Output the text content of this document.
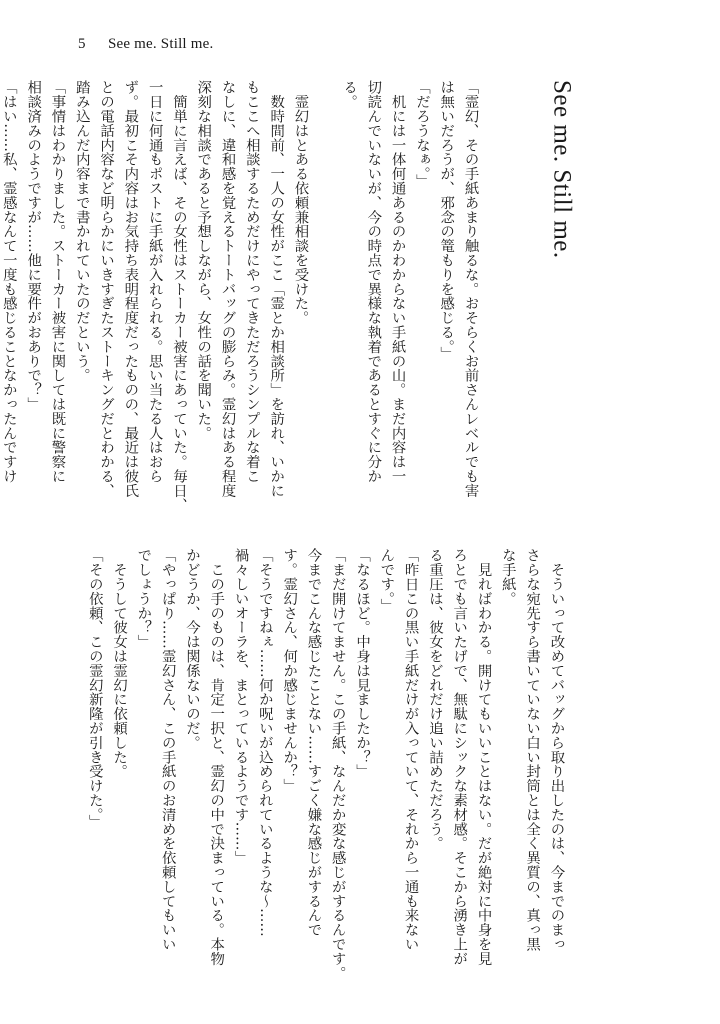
5 See me. Still me.

See me. Still me.

「霊幻、その手紙あまり触るな。おそらくお前さんレベルでも害
は無いだろうが、邪念の篭もりを感じる。」
「だろうなぁ。」
　机には一体何通あるのかわからない手紙の山。まだ内容は一
切読んでいないが、今の時点で異様な執着であるとすぐに分か
る。

　霊幻はとある依頼兼相談を受けた。
　数時間前、一人の女性がここ「霊とか相談所」を訪れ、いかに
もここへ相談するためだけにやってきただろうシンプルな着こ
なしに、違和感を覚えるトートバッグの膨らみ。霊幻はある程度
深刻な相談であると予想しながら、女性の話を聞いた。
　簡単に言えば、その女性はストーカー被害にあっていた。毎日、
一日に何通もポストに手紙が入れられる。思い当たる人はおら
ず。最初こそ内容はお気持ち表明程度だったものの、最近は彼氏
との電話内容など明らかにいきすぎたストーキングだとわかる、
踏み込んだ内容まで書かれていたのだという。
「事情はわかりました。ストーカー被害に関しては既に警察に
相談済みのようですが……他に要件がおありで？」
「はい……私、霊感なんて一度も感じることなかったんですけ

　そういって改めてバッグから取り出したのは、今までのまっ
さらな宛先すら書いていない白い封筒とは全く異質の、真っ黒
な手紙。
　見ればわかる。開けてもいいことはない。だが絶対に中身を見
ろとでも言いたげで、無駄にシックな素材感。そこから湧き上が
る重圧は、彼女をどれだけ追い詰めただろう。
「昨日この黒い手紙だけが入っていて、それから一通も来ない
んです。」
「なるほど。中身は見ましたか？」
「まだ開けてません。この手紙、なんだか変な感じがするんです。
今までこんな感じたことない……すごく嫌な感じがするんで
す。霊幻さん、何か感じませんか？」
「そうですねぇ……何か呪いが込められているような～……
禍々しいオーラを、まとっているようです……」
　この手のものは、肯定一択と、霊幻の中で決まっている。本物
かどうか、今は関係ないのだ。
「やっぱり……霊幻さん、この手紙のお清めを依頼してもいい
でしょうか？」
　そうして彼女は霊幻に依頼した。
「その依頼、この霊幻新隆が引き受けた。」
